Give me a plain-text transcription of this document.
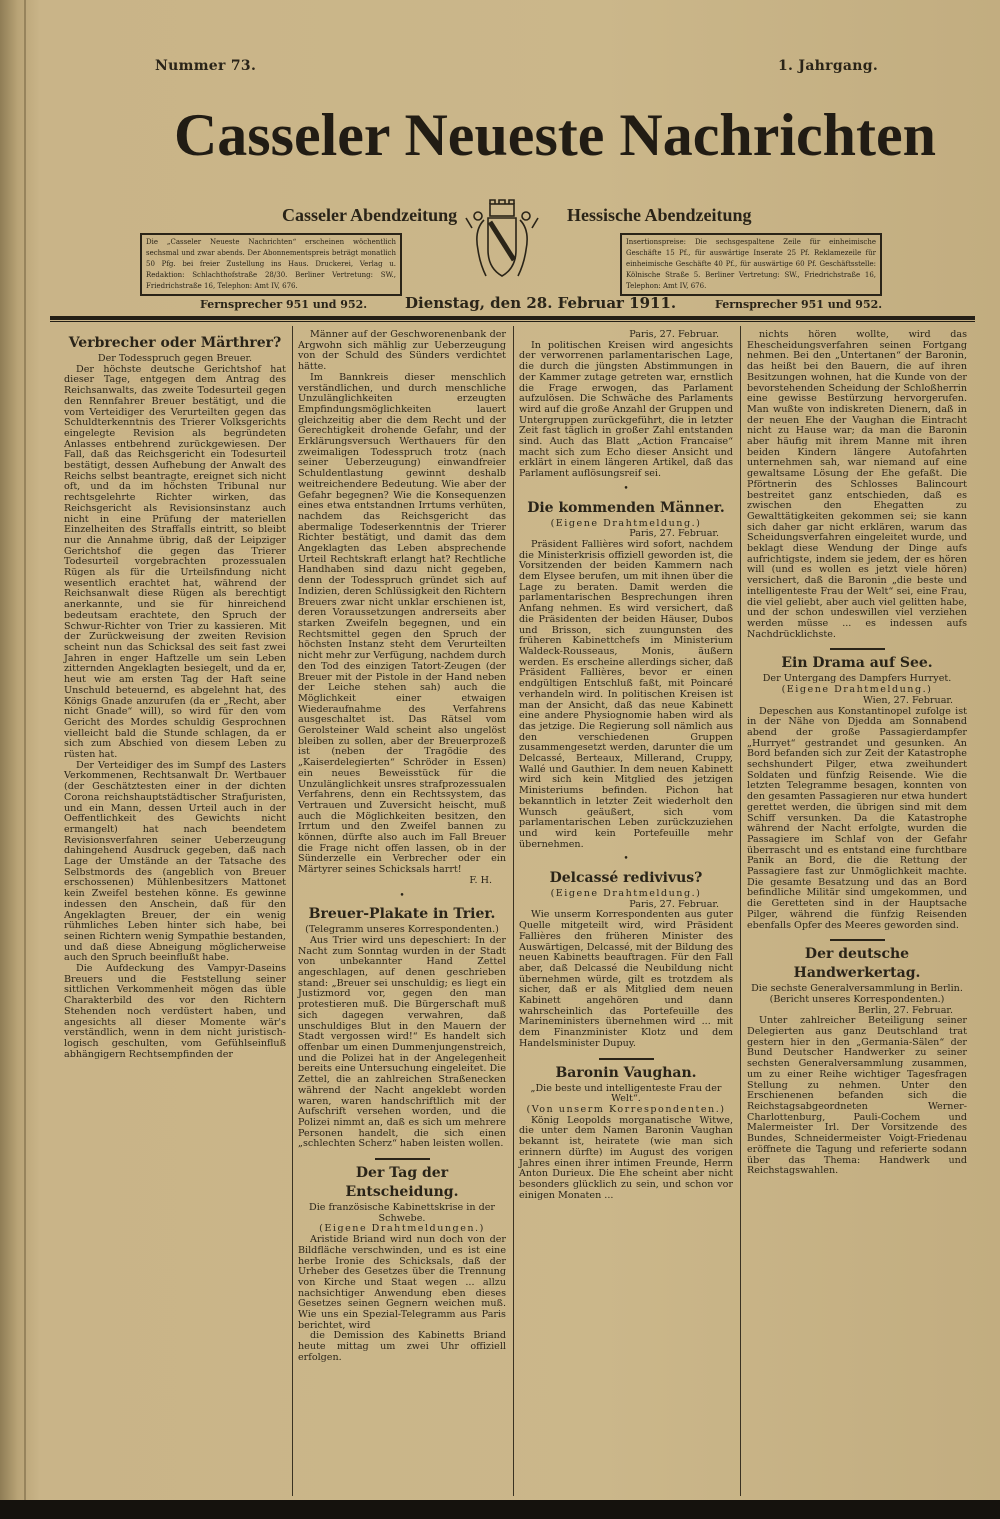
Nummer 73.	1. Jahrgang.
Casseler Neueste Nachrichten
Casseler Abendzeitung	Hessische Abendzeitung
Die „Casseler Neueste Nachrichten“ erscheinen wöchentlich sechsmal und zwar abends. Der Abonnementspreis beträgt monatlich 50 Pfg. bei freier Zustellung ins Haus. Druckerei, Verlag u. Redaktion: Schlachthofstraße 28/30. Berliner Vertretung: SW., Friedrichstraße 16, Telephon: Amt IV, 676.
Insertionspreise: Die sechsgespaltene Zeile für einheimische Geschäfte 15 Pf., für auswärtige Inserate 25 Pf. Reklamezeile für einheimische Geschäfte 40 Pf., für auswärtige 60 Pf. Geschäftsstelle: Kölnische Straße 5. Berliner Vertretung: SW., Friedrichstraße 16, Telephon: Amt IV, 676.
Fernsprecher 951 und 952.	Dienstag, den 28. Februar 1911.	Fernsprecher 951 und 952.
Verbrecher oder Märthrer?
Der Todesspruch gegen Breuer.

Der höchste deutsche Gerichtshof hat dieser Tage, entgegen dem Antrag des Reichsanwalts, das zweite Todesurteil gegen den Rennfahrer Breuer bestätigt, und die vom Verteidiger des Verurteilten gegen das Schuldterkenntnis des Trierer Volksgerichts eingelegte Revision als begründeten Anlasses entbehrend zurückgewiesen. Der Fall, daß das Reichsgericht ein Todesurteil bestätigt, dessen Aufhebung der Anwalt des Reichs selbst beantragte, ereignet sich nicht oft, und da im höchsten Tribunal nur rechtsgelehrte Richter wirken, das Reichsgericht als Revisionsinstanz auch nicht in eine Prüfung der materiellen Einzelheiten des Straffalls eintritt, so bleibt nur die Annahme übrig, daß der Leipziger Gerichtshof die gegen das Trierer Todesurteil vorgebrachten prozessualen Rügen als für die Urteilsfindung nicht wesentlich erachtet hat, während der Reichsanwalt diese Rügen als berechtigt anerkannte, und sie für hinreichend bedeutsam erachtete, den Spruch der Schwur-Richter von Trier zu kassieren. Mit der Zurückweisung der zweiten Revision scheint nun das Schicksal des seit fast zwei Jahren in enger Haftzelle um sein Leben zitternden Angeklagten besiegelt, und da er, heut wie am ersten Tag der Haft seine Unschuld beteuernd, es abgelehnt hat, des Königs Gnade anzurufen (da er „Recht, aber nicht Gnade“ will), so wird für den vom Gericht des Mordes schuldig Gesprochnen vielleicht bald die Stunde schlagen, da er sich zum Abschied von diesem Leben zu rüsten hat.

Der Verteidiger des im Sumpf des Lasters Verkommenen, Rechtsanwalt Dr. Wertbauer (der Geschätztesten einer in der dichten Corona reichshauptstädtischer Strafjuristen, und ein Mann, dessen Urteil auch in der Oeffentlichkeit des Gewichts nicht ermangelt) hat nach beendetem Revisionsverfahren seiner Ueberzeugung dahingehend Ausdruck gegeben, daß nach Lage der Umstände an der Tatsache des Selbstmords des (angeblich von Breuer erschossenen) Mühlenbesitzers Mattonet kein Zweifel bestehen könne. Es gewinne indessen den Anschein, daß für den Angeklagten Breuer, der ein wenig rühmliches Leben hinter sich habe, bei seinen Richtern wenig Sympathie bestanden, und daß diese Abneigung möglicherweise auch den Spruch beeinflußt habe.

Die Aufdeckung des Vampyr-Daseins Breuers und die Feststellung seiner sittlichen Verkommenheit mögen das üble Charakterbild des vor den Richtern Stehenden noch verdüstert haben, und angesichts all dieser Momente wär's verständlich, wenn in dem nicht juristisch-logisch geschulten, vom Gefühlseinfluß abhängigern Rechtsempfinden der

Männer auf der Geschworenenbank der Argwohn sich mählig zur Ueberzeugung von der Schuld des Sünders verdichtet hätte.

Im Bannkreis dieser menschlich verständlichen, und durch menschliche Unzulänglichkeiten erzeugten Empfindungsmöglichkeiten lauert gleichzeitig aber die dem Recht und der Gerechtigkeit drohende Gefahr, und der Erklärungsversuch Werthauers für den zweimaligen Todesspruch trotz (nach seiner Ueberzeugung) einwandfreier Schuldentlastung gewinnt deshalb weitreichendere Bedeutung. Wie aber der Gefahr begegnen? Wie die Konsequenzen eines etwa entstandnen Irrtums verhüten, nachdem das Reichsgericht das abermalige Todeserkenntnis der Trierer Richter bestätigt, und damit das dem Angeklagten das Leben absprechende Urteil Rechtskraft erlangt hat? Rechtliche Handhaben sind dazu nicht gegeben, denn der Todesspruch gründet sich auf Indizien, deren Schlüssigkeit den Richtern Breuers zwar nicht unklar erschienen ist, deren Voraussetzungen andrerseits aber starken Zweifeln begegnen, und ein Rechtsmittel gegen den Spruch der höchsten Instanz steht dem Verurteilten nicht mehr zur Verfügung, nachdem durch den Tod des einzigen Tatort-Zeugen (der Breuer mit der Pistole in der Hand neben der Leiche stehen sah) auch die Möglichkeit einer etwaigen Wiederaufnahme des Verfahrens ausgeschaltet ist. Das Rätsel vom Gerolsteiner Wald scheint also ungelöst bleiben zu sollen, aber der Breuerprozeß ist (neben der Tragödie des „Kaiserdelegierten“ Schröder in Essen) ein neues Beweisstück für die Unzulänglichkeit unsres strafprozessualen Verfahrens, denn ein Rechtssystem, das Vertrauen und Zuversicht heischt, muß auch die Möglichkeiten besitzen, den Irrtum und den Zweifel bannen zu können, dürfte also auch im Fall Breuer die Frage nicht offen lassen, ob in der Sünderzelle ein Verbrecher oder ein Märtyrer seines Schicksals harrt!

F. H.
•
Breuer-Plakate in Trier.
(Telegramm unseres Korrespondenten.)

Aus Trier wird uns depeschiert: In der Nacht zum Sonntag wurden in der Stadt von unbekannter Hand Zettel angeschlagen, auf denen geschrieben stand: „Breuer sei unschuldig; es liegt ein Justizmord vor, gegen den man protestieren muß. Die Bürgerschaft muß sich dagegen verwahren, daß unschuldiges Blut in den Mauern der Stadt vergossen wird!“ Es handelt sich offenbar um einen Dummenjungenstreich, und die Polizei hat in der Angelegenheit bereits eine Untersuchung eingeleitet. Die Zettel, die an zahlreichen Straßenecken während der Nacht angeklebt worden waren, waren handschriftlich mit der Aufschrift versehen worden, und die Polizei nimmt an, daß es sich um mehrere Personen handelt, die sich einen „schlechten Scherz“ haben leisten wollen.

Der Tag der Entscheidung.
Die französische Kabinettskrise in der Schwebe.
(Eigene Drahtmeldungen.)

Aristide Briand wird nun doch von der Bildfläche verschwinden, und es ist eine herbe Ironie des Schicksals, daß der Urheber des Gesetzes über die Trennung von Kirche und Staat wegen ... allzu nachsichtiger Anwendung eben dieses Gesetzes seinen Gegnern weichen muß. Wie uns ein Spezial-Telegramm aus Paris berichtet, wird

die Demission des Kabinetts Briand heute mittag um zwei Uhr offiziell erfolgen.

Paris, 27. Februar.

In politischen Kreisen wird angesichts der verworrenen parlamentarischen Lage, die durch die jüngsten Abstimmungen in der Kammer zutage getreten war, ernstlich die Frage erwogen, das Parlament aufzulösen. Die Schwäche des Parlaments wird auf die große Anzahl der Gruppen und Untergruppen zurückgeführt, die in letzter Zeit fast täglich in großer Zahl entstanden sind. Auch das Blatt „Action Francaise“ macht sich zum Echo dieser Ansicht und erklärt in einem längeren Artikel, daß das Parlament auflösungsreif sei.

•
Die kommenden Männer.
(Eigene Drahtmeldung.)
Paris, 27. Februar.

Präsident Fallières wird sofort, nachdem die Ministerkrisis offiziell geworden ist, die Vorsitzenden der beiden Kammern nach dem Elysee berufen, um mit ihnen über die Lage zu beraten. Damit werden die parlamentarischen Besprechungen ihren Anfang nehmen. Es wird versichert, daß die Präsidenten der beiden Häuser, Dubos und Brisson, sich zuungunsten des früheren Kabinettchefs im Ministerium Waldeck-Rousseaus, Monis, äußern werden. Es erscheine allerdings sicher, daß Präsident Fallières, bevor er einen endgültigen Entschluß faßt, mit Poincaré verhandeln wird. In politischen Kreisen ist man der Ansicht, daß das neue Kabinett eine andere Physiognomie haben wird als das jetzige. Die Regierung soll nämlich aus den verschiedenen Gruppen zusammengesetzt werden, darunter die um Delcassé, Berteaux, Millerand, Cruppy, Wallé und Gauthier. In dem neuen Kabinett wird sich kein Mitglied des jetzigen Ministeriums befinden. Pichon hat bekanntlich in letzter Zeit wiederholt den Wunsch geäußert, sich vom parlamentarischen Leben zurückzuziehen und wird kein Portefeuille mehr übernehmen.

•
Delcassé redivivus?
(Eigene Drahtmeldung.)
Paris, 27. Februar.

Wie unserm Korrespondenten aus guter Quelle mitgeteilt wird, wird Präsident Fallières den früheren Minister des Auswärtigen, Delcassé, mit der Bildung des neuen Kabinetts beauftragen. Für den Fall aber, daß Delcassé die Neubildung nicht übernehmen würde, gilt es trotzdem als sicher, daß er als Mitglied dem neuen Kabinett angehören und dann wahrscheinlich das Portefeuille des Marineministers übernehmen wird ... mit dem Finanzminister Klotz und dem Handelsminister Dupuy.

Baronin Vaughan.
„Die beste und intelligenteste Frau der Welt“.
(Von unserm Korrespondenten.)

König Leopolds morganatische Witwe, die unter dem Namen Baronin Vaughan bekannt ist, heiratete (wie man sich erinnern dürfte) im August des vorigen Jahres einen ihrer intimen Freunde, Herrn Anton Durieux. Die Ehe scheint aber nicht besonders glücklich zu sein, und schon vor einigen Monaten ...

nichts hören wollte, wird das Ehescheidungsverfahren seinen Fortgang nehmen. Bei den „Untertanen“ der Baronin, das heißt bei den Bauern, die auf ihren Besitzungen wohnen, hat die Kunde von der bevorstehenden Scheidung der Schloßherrin eine gewisse Bestürzung hervorgerufen. Man wußte von indiskreten Dienern, daß in der neuen Ehe der Vaughan die Eintracht nicht zu Hause war; da man die Baronin aber häufig mit ihrem Manne mit ihren beiden Kindern längere Autofahrten unternehmen sah, war niemand auf eine gewaltsame Lösung der Ehe gefaßt. Die Pförtnerin des Schlosses Balincourt bestreitet ganz entschieden, daß es zwischen den Ehegatten zu Gewalttätigkeiten gekommen sei; sie kann sich daher gar nicht erklären, warum das Scheidungsverfahren eingeleitet wurde, und beklagt diese Wendung der Dinge aufs aufrichtigste, indem sie jedem, der es hören will (und es wollen es jetzt viele hören) versichert, daß die Baronin „die beste und intelligenteste Frau der Welt“ sei, eine Frau, die viel geliebt, aber auch viel gelitten habe, und der schon undeswillen viel verziehen werden müsse ... es indessen aufs Nachdrücklichste.

Ein Drama auf See.
Der Untergang des Dampfers Hurryet.
(Eigene Drahtmeldung.)
Wien, 27. Februar.

Depeschen aus Konstantinopel zufolge ist in der Nähe von Djedda am Sonnabend abend der große Passagierdampfer „Hurryet“ gestrandet und gesunken. An Bord befanden sich zur Zeit der Katastrophe sechshundert Pilger, etwa zweihundert Soldaten und fünfzig Reisende. Wie die letzten Telegramme besagen, konnten von den gesamten Passagieren nur etwa hundert gerettet werden, die übrigen sind mit dem Schiff versunken. Da die Katastrophe während der Nacht erfolgte, wurden die Passagiere im Schlaf von der Gefahr überrascht und es entstand eine furchtbare Panik an Bord, die die Rettung der Passagiere fast zur Unmöglichkeit machte. Die gesamte Besatzung und das an Bord befindliche Militär sind umgekommen, und die Geretteten sind in der Hauptsache Pilger, während die fünfzig Reisenden ebenfalls Opfer des Meeres geworden sind.

Der deutsche Handwerkertag.
Die sechste Generalversammlung in Berlin.
(Bericht unseres Korrespondenten.)
Berlin, 27. Februar.

Unter zahlreicher Beteiligung seiner Delegierten aus ganz Deutschland trat gestern hier in den „Germania-Sälen“ der Bund Deutscher Handwerker zu seiner sechsten Generalversammlung zusammen, um zu einer Reihe wichtiger Tagesfragen Stellung zu nehmen. Unter den Erschienenen befanden sich die Reichstagsabgeordneten Werner-Charlottenburg, Pauli-Cochem und Malermeister Irl. Der Vorsitzende des Bundes, Schneidermeister Voigt-Friedenau eröffnete die Tagung und referierte sodann über das Thema: Handwerk und Reichstagswahlen.
